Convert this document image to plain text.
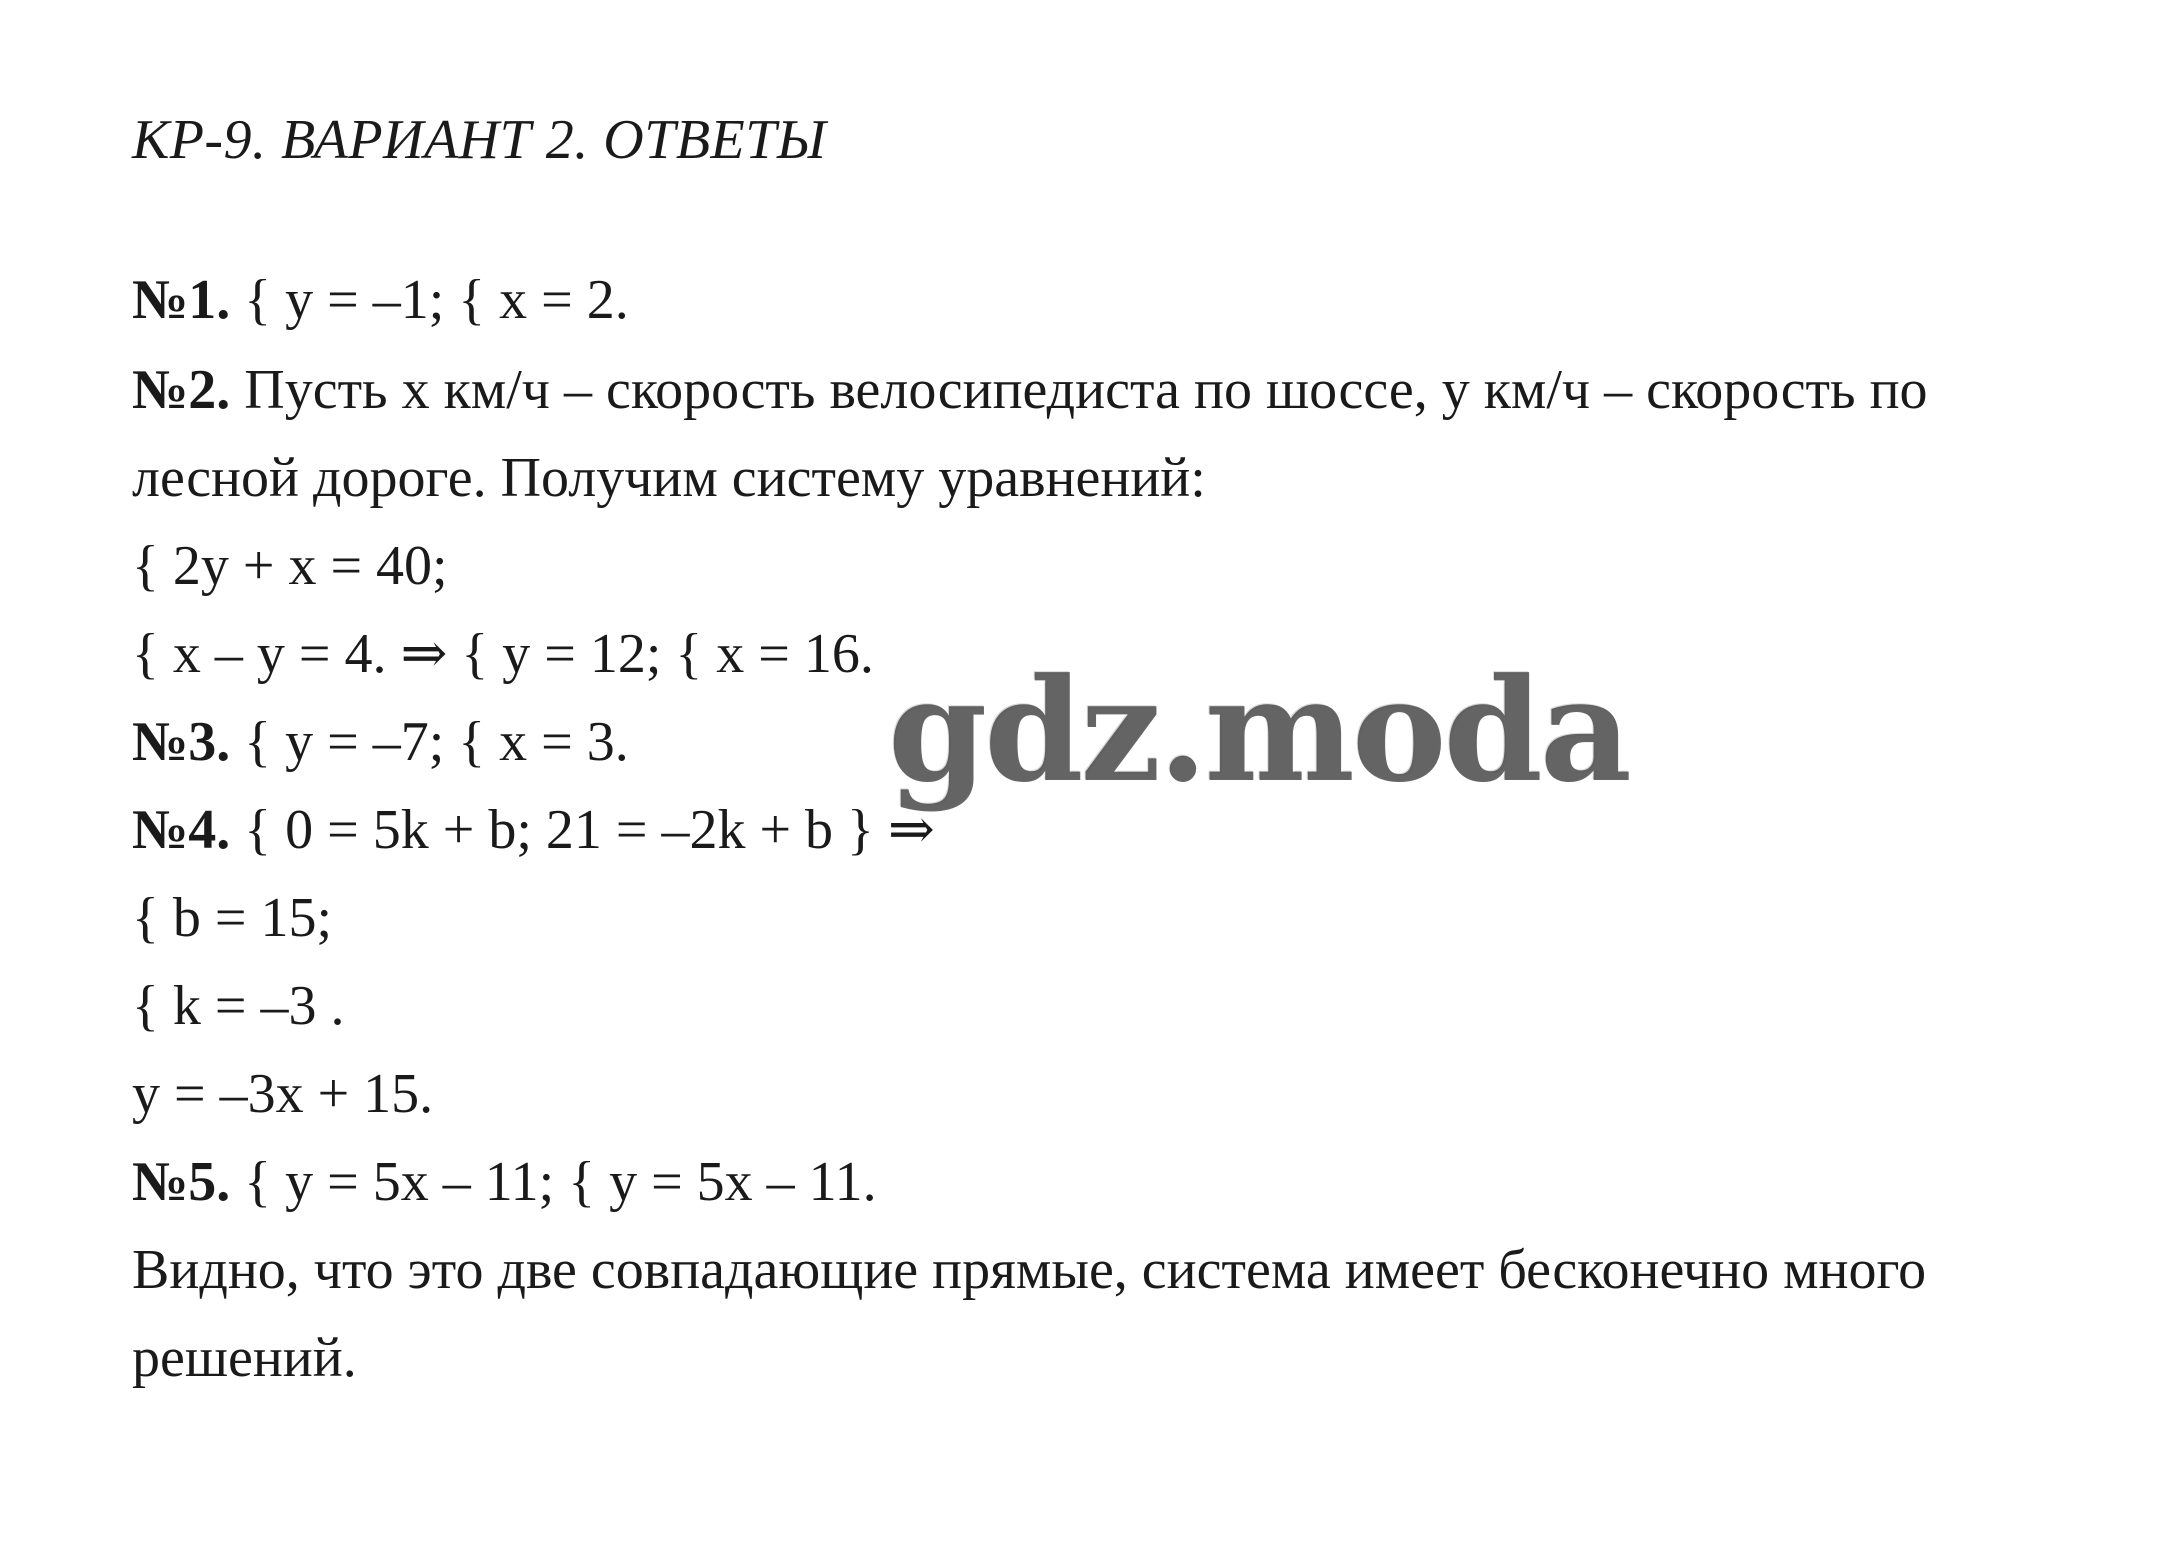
КР-9. ВАРИАНТ 2. ОТВЕТЫ
№1. { y = –1; { x = 2.
№2. Пусть х км/ч – скорость велосипедиста по шоссе, у км/ч – скорость по
лесной дороге. Получим систему уравнений:
{ 2у + х = 40;
{ х – у = 4. ⇒ { у = 12; { х = 16.
№3. { y = –7; { x = 3.
№4. { 0 = 5k + b; 21 = –2k + b } ⇒
{ b = 15;
{ k = –3 .
y = –3x + 15.
№5. { y = 5x – 11; { y = 5x – 11.
Видно, что это две совпадающие прямые, система имеет бесконечно много
решений.
gdz.moda
